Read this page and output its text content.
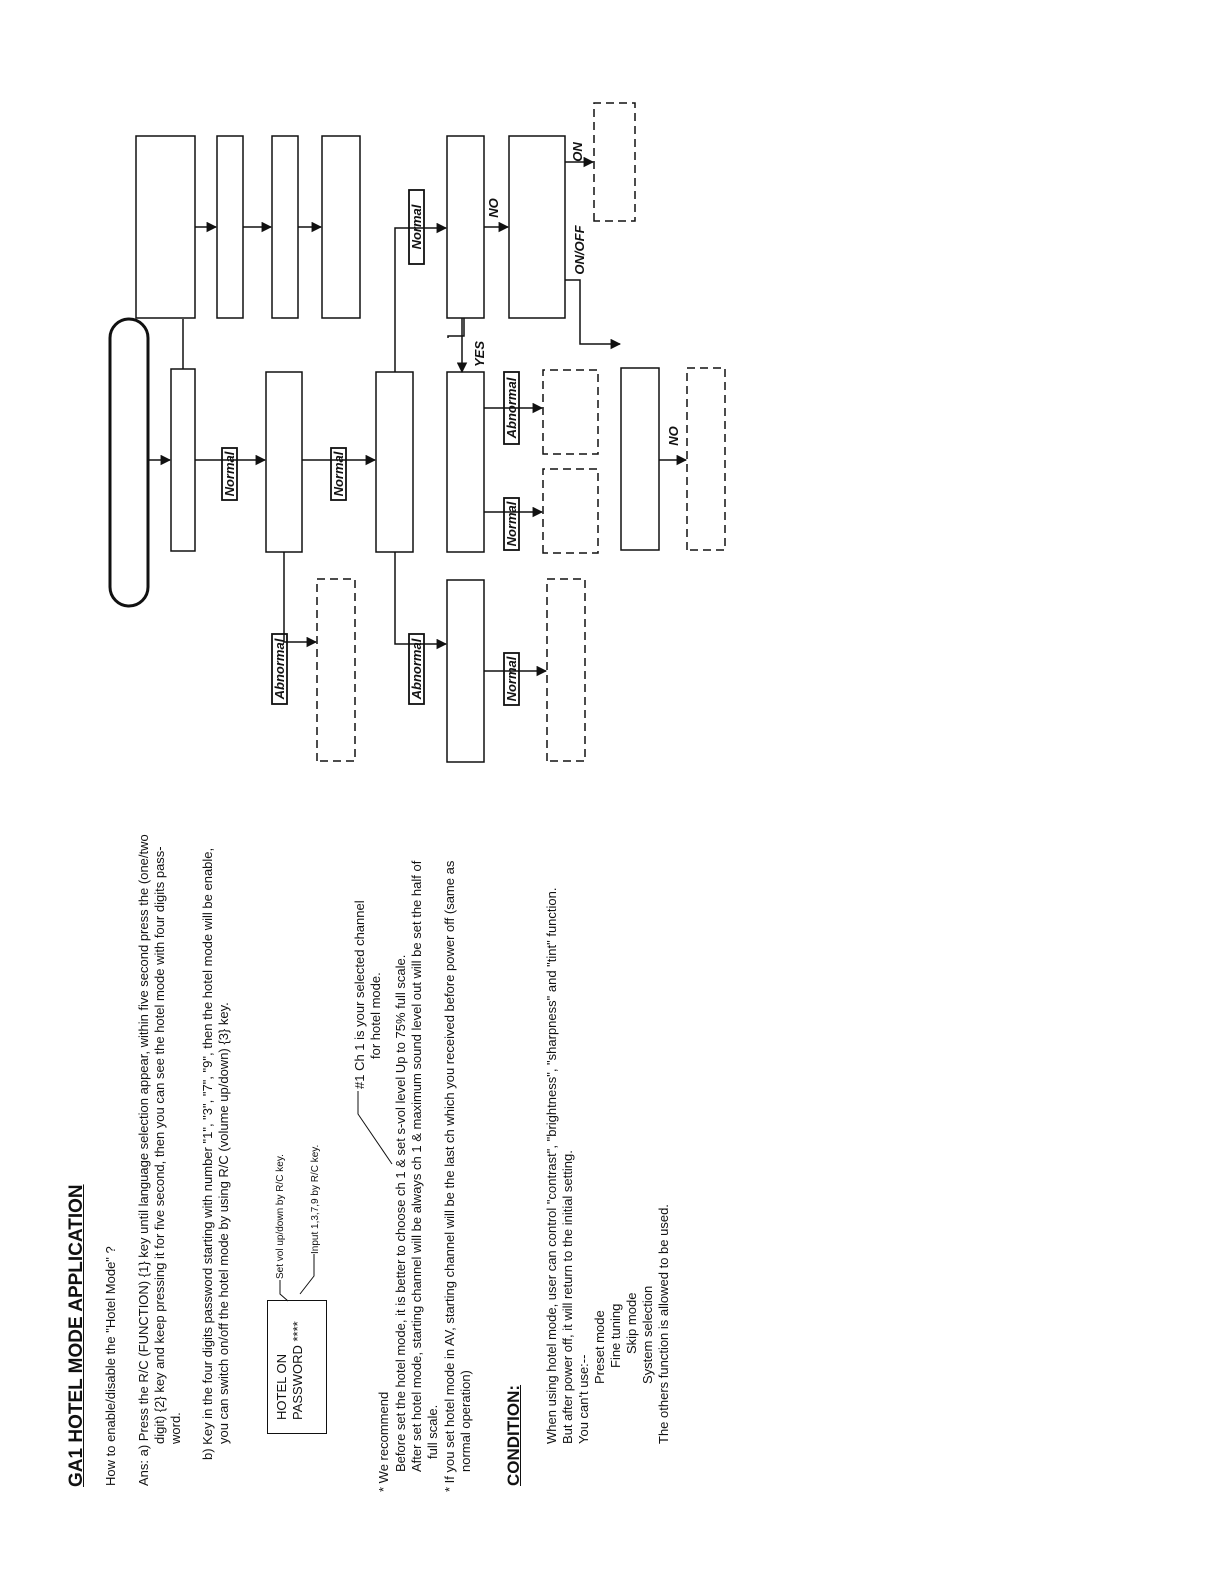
GA1 HOTEL MODE APPLICATION How to enable/disable the "Hotel Mode" ? Ans: a) Press the R/C (FUNCTION) {1} key until language selection appear, within five second press the (one/two digit) {2} key and keep pressing it for five second, then you can see the hotel mode with four digits pass- word. b) Key in the four digits password starting with number "1", "3", "7", "9", then the hotel mode will be enable, you can switch on/off the hotel mode by using R/C (volume up/down) {3} key.	HOTEL ON PASSWORD ****
Set vol up/down by R/C key.	Input 1,3,7,9 by R/C key.
#1 Ch 1 is your selected channel for hotel mode.
* We recommend Before set the hotel mode, it is better to choose ch 1 & set s-vol level Up to 75% full scale. After set hotel mode, starting channel will be always ch 1 & maximum sound level out will be set the half of full scale. * If you set hotel mode in AV, starting channel will be the last ch which you received before power off (same as normal operation) CONDITION: When using hotel mode, user can control "contrast", "brightness", "sharpness" and "tint" function. But after power off, it will return to the initial setting. You can't use:--
Preset mode Fine tuning Skip mode System selection The others function is allowed to be used.
Normal	Normal
Abnormal	Abnormal	Normal
Normal
Normal
Abnormal
YES
NO
ON/OFF
ON
NO
